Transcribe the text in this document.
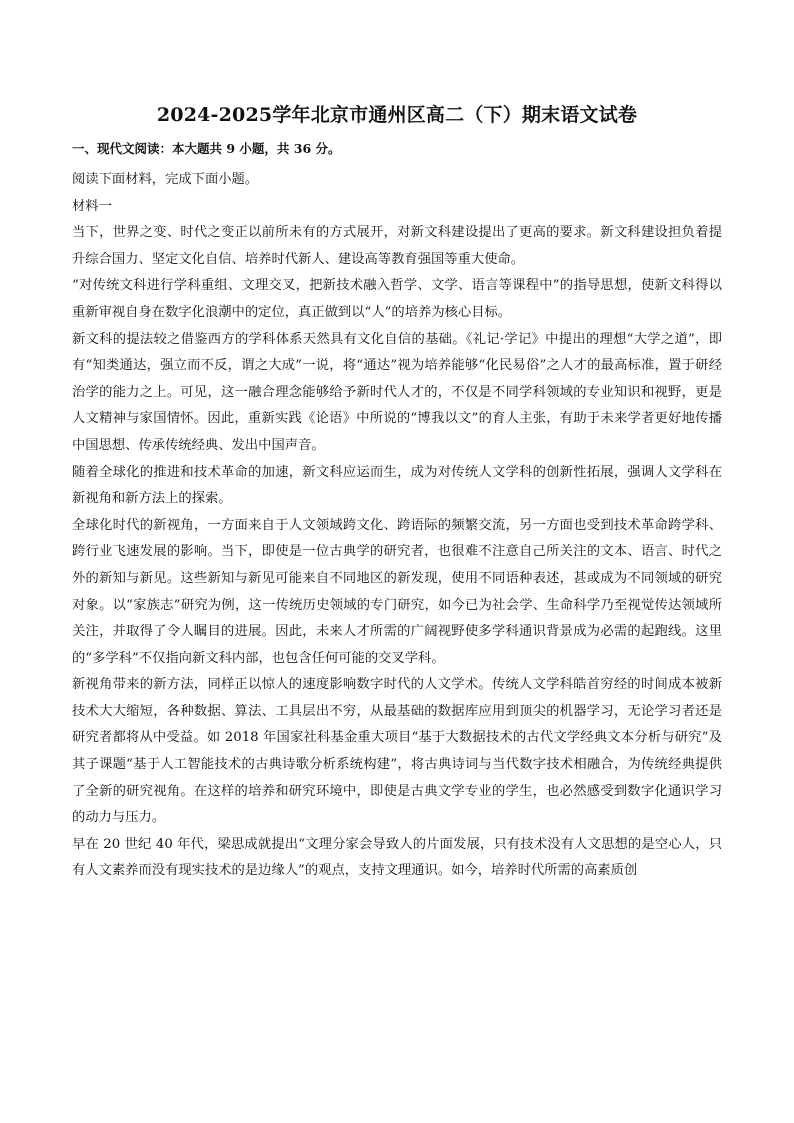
2024-2025学年北京市通州区高二（下）期末语文试卷
一、现代文阅读：本大题共 9 小题，共 36 分。

阅读下面材料，完成下面小题。

材料一

当下，世界之变、时代之变正以前所未有的方式展开，对新文科建设提出了更高的要求。新文科建设担负着提升综合国力、坚定文化自信、培养时代新人、建设高等教育强国等重大使命。

“对传统文科进行学科重组、文理交叉，把新技术融入哲学、文学、语言等课程中”的指导思想，使新文科得以重新审视自身在数字化浪潮中的定位，真正做到以“人”的培养为核心目标。

新文科的提法较之借鉴西方的学科体系天然具有文化自信的基础。《礼记·学记》中提出的理想“大学之道”，即有“知类通达，强立而不反，谓之大成”一说，将“通达”视为培养能够“化民易俗”之人才的最高标准，置于研经治学的能力之上。可见，这一融合理念能够给予新时代人才的，不仅是不同学科领域的专业知识和视野，更是人文精神与家国情怀。因此，重新实践《论语》中所说的“博我以文”的育人主张，有助于未来学者更好地传播中国思想、传承传统经典、发出中国声音。

随着全球化的推进和技术革命的加速，新文科应运而生，成为对传统人文学科的创新性拓展，强调人文学科在新视角和新方法上的探索。

全球化时代的新视角，一方面来自于人文领域跨文化、跨语际的频繁交流，另一方面也受到技术革命跨学科、跨行业飞速发展的影响。当下，即使是一位古典学的研究者，也很难不注意自己所关注的文本、语言、时代之外的新知与新见。这些新知与新见可能来自不同地区的新发现，使用不同语种表述，甚或成为不同领域的研究对象。以“家族志”研究为例，这一传统历史领域的专门研究，如今已为社会学、生命科学乃至视觉传达领域所关注，并取得了令人瞩目的进展。因此，未来人才所需的广阔视野使多学科通识背景成为必需的起跑线。这里的“多学科”不仅指向新文科内部，也包含任何可能的交叉学科。

新视角带来的新方法，同样正以惊人的速度影响数字时代的人文学术。传统人文学科皓首穷经的时间成本被新技术大大缩短，各种数据、算法、工具层出不穷，从最基础的数据库应用到顶尖的机器学习，无论学习者还是研究者都将从中受益。如 2018 年国家社科基金重大项目“基于大数据技术的古代文学经典文本分析与研究”及其子课题“基于人工智能技术的古典诗歌分析系统构建”，将古典诗词与当代数字技术相融合，为传统经典提供了全新的研究视角。在这样的培养和研究环境中，即使是古典文学专业的学生，也必然感受到数字化通识学习的动力与压力。

早在 20 世纪 40 年代，梁思成就提出“文理分家会导致人的片面发展，只有技术没有人文思想的是空心人，只有人文素养而没有现实技术的是边缘人”的观点，支持文理通识。如今，培养时代所需的高素质创
